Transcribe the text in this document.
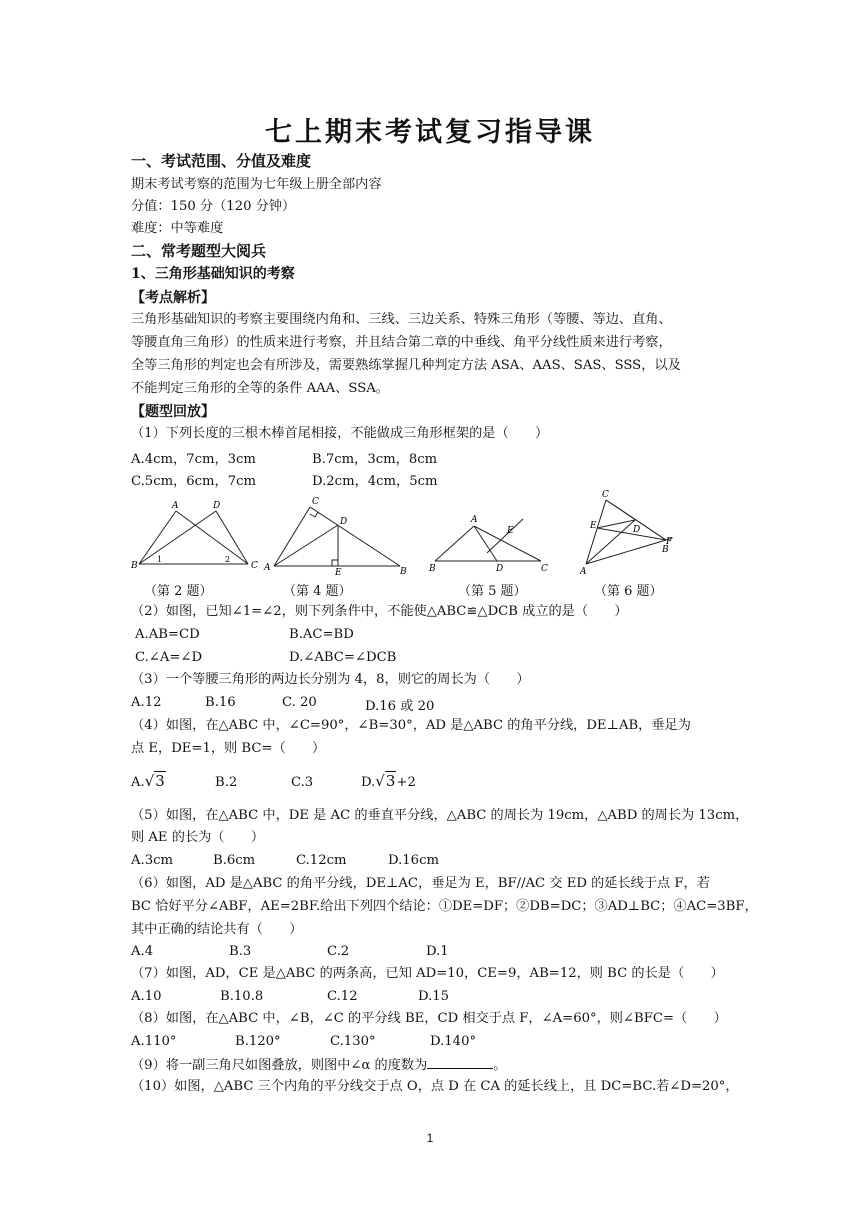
七上期末考试复习指导课
一、考试范围、分值及难度
期末考试考察的范围为七年级上册全部内容
分值：150 分（120 分钟）
难度：中等难度
二、常考题型大阅兵
1、三角形基础知识的考察
【考点解析】
三角形基础知识的考察主要围绕内角和、三线、三边关系、特殊三角形（等腰、等边、直角、
等腰直角三角形）的性质来进行考察，并且结合第二章的中垂线、角平分线性质来进行考察，
全等三角形的判定也会有所涉及，需要熟练掌握几种判定方法 ASA、AAS、SAS、SSS，以及
不能判定三角形的全等的条件 AAA、SSA。
【题型回放】
（1）下列长度的三根木棒首尾相接，不能做成三角形框架的是（　　）
A.4cm，7cm，3cm	B.7cm，3cm，8cm
C.5cm，6cm，7cm	D.2cm，4cm，5cm
A	D
B	C
1	2
（第 2 题）
C
D
A	B
E
（第 4 题）
A
E
B	D	C
（第 5 题）
C
E	D
F
A
B
（第 6 题）
（2）如图，已知∠1=∠2，则下列条件中，不能使△ABC≌△DCB 成立的是（　　）
A.AB=CD	B.AC=BD
C.∠A=∠D	D.∠ABC=∠DCB
（3）一个等腰三角形的两边长分别为 4，8，则它的周长为（　　）
A.12	B.16	C. 20	D.16 或 20
（4）如图，在△ABC 中，∠C=90°，∠B=30°，AD 是△ABC 的角平分线，DE⊥AB，垂足为
点 E，DE=1，则 BC=（　　）
A.√3	B.2	C.3	D.√3+2
（5）如图，在△ABC 中，DE 是 AC 的垂直平分线，△ABC 的周长为 19cm，△ABD 的周长为 13cm，
则 AE 的长为（　　）
A.3cm	B.6cm	C.12cm	D.16cm
（6）如图，AD 是△ABC 的角平分线，DE⊥AC，垂足为 E，BF//AC 交 ED 的延长线于点 F，若
BC 恰好平分∠ABF，AE=2BF.给出下列四个结论：①DE=DF；②DB=DC；③AD⊥BC；④AC=3BF，
其中正确的结论共有（　　）
A.4	B.3	C.2	D.1
（7）如图，AD，CE 是△ABC 的两条高，已知 AD=10，CE=9，AB=12，则 BC 的长是（　　）
A.10	B.10.8	C.12	D.15
（8）如图，在△ABC 中，∠B，∠C 的平分线 BE，CD 相交于点 F，∠A=60°，则∠BFC=（　　）
A.110°	B.120°	C.130°	D.140°
（9）将一副三角尺如图叠放，则图中∠α 的度数为	。
（10）如图，△ABC 三个内角的平分线交于点 O，点 D 在 CA 的延长线上，且 DC=BC.若∠D=20°，
1
